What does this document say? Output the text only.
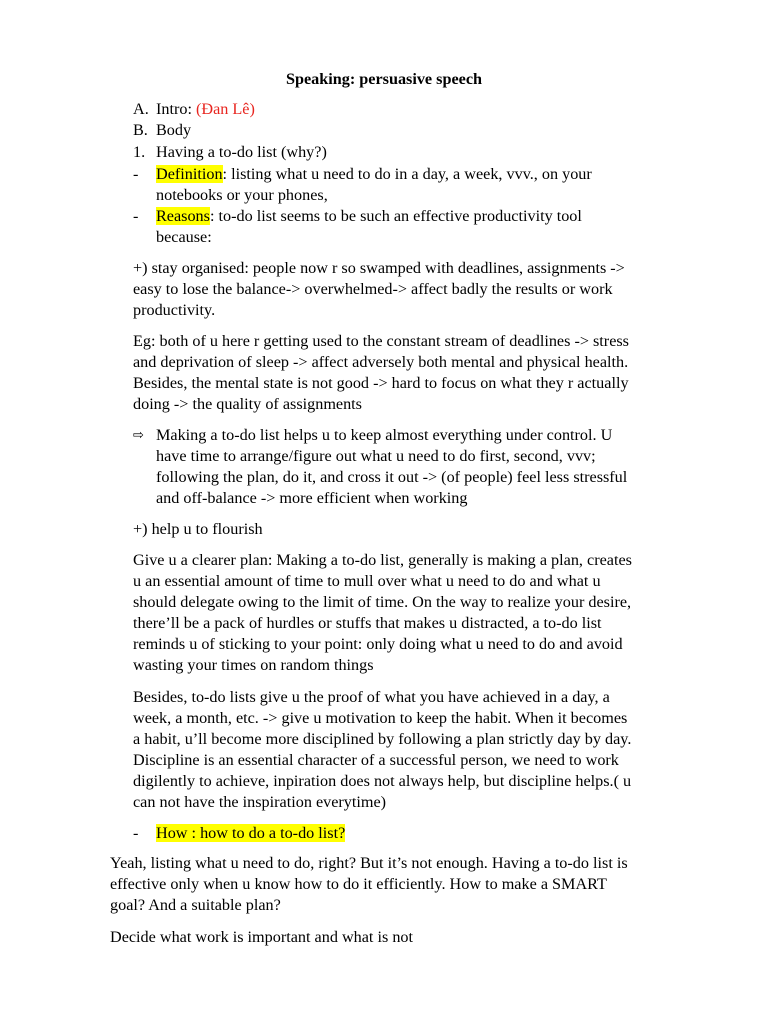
Speaking: persuasive speech
A. Intro: (Đan Lê)
B. Body
1. Having a to-do list (why?)
- Definition: listing what u need to do in a day, a week, vvv., on your
notebooks or your phones,
- Reasons: to-do list seems to be such an effective productivity tool
because:
+) stay organised: people now r so swamped with deadlines, assignments ->
easy to lose the balance-> overwhelmed-> affect badly the results or work
productivity.
Eg: both of u here r getting used to the constant stream of deadlines -> stress
and deprivation of sleep -> affect adversely both mental and physical health.
Besides, the mental state is not good -> hard to focus on what they r actually
doing -> the quality of assignments
⇨ Making a to-do list helps u to keep almost everything under control. U
have time to arrange/figure out what u need to do first, second, vvv;
following the plan, do it, and cross it out -> (of people) feel less stressful
and off-balance -> more efficient when working
+) help u to flourish
Give u a clearer plan: Making a to-do list, generally is making a plan, creates
u an essential amount of time to mull over what u need to do and what u
should delegate owing to the limit of time. On the way to realize your desire,
there’ll be a pack of hurdles or stuffs that makes u distracted, a to-do list
reminds u of sticking to your point: only doing what u need to do and avoid
wasting your times on random things
Besides, to-do lists give u the proof of what you have achieved in a day, a
week, a month, etc. -> give u motivation to keep the habit. When it becomes
a habit, u’ll become more disciplined by following a plan strictly day by day.
Discipline is an essential character of a successful person, we need to work
digilently to achieve, inpiration does not always help, but discipline helps.( u
can not have the inspiration everytime)
- How : how to do a to-do list?
Yeah, listing what u need to do, right? But it’s not enough. Having a to-do list is
effective only when u know how to do it efficiently. How to make a SMART
goal? And a suitable plan?
Decide what work is important and what is not
